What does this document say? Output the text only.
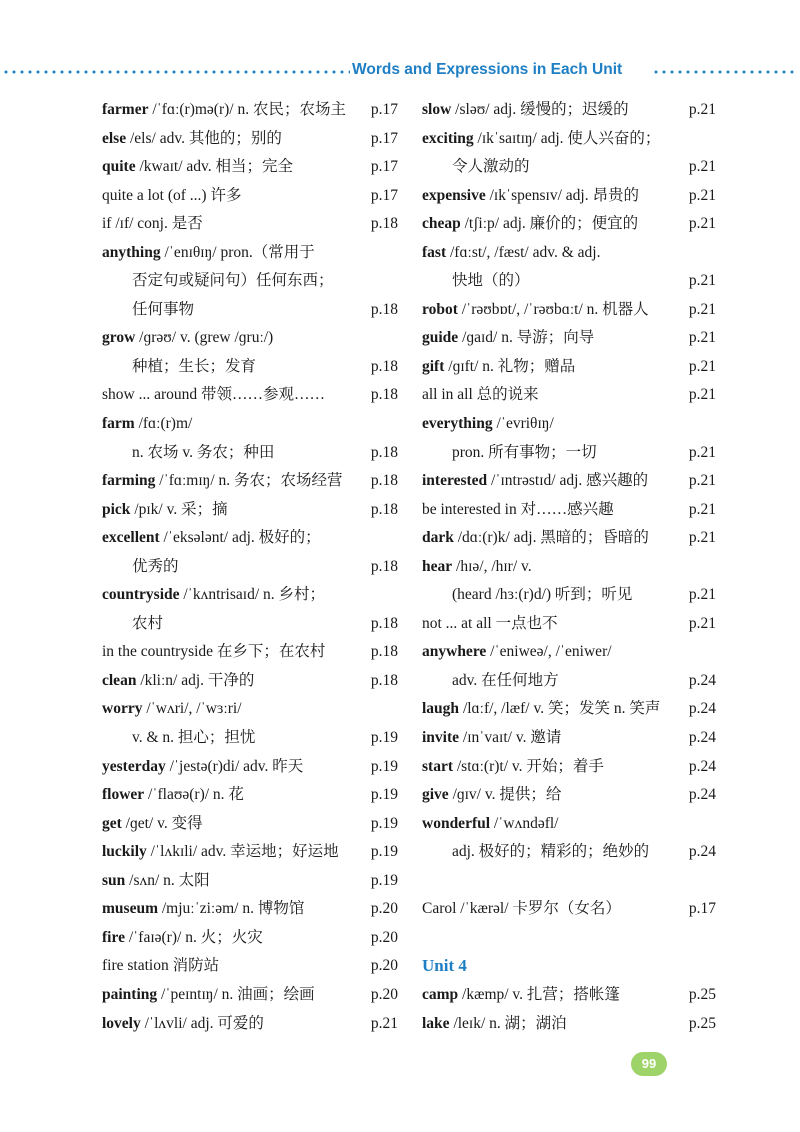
Words and Expressions in Each Unit
farmer /ˈfɑː(r)mə(r)/ n. 农民；农场主 p.17
else /els/ adv. 其他的；别的	p.17
quite /kwaɪt/ adv. 相当；完全	p.17
quite a lot (of ...) 许多	p.17
if /ɪf/ conj. 是否	p.18
anything /ˈenɪθɪŋ/ pron.（常用于
否定句或疑问句）任何东西；
任何事物	p.18
grow /ɡrəʊ/ v. (grew /ɡruː/)
种植；生长；发育	p.18
show ... around 带领……参观……	p.18
farm /fɑː(r)m/
n. 农场 v. 务农；种田	p.18
farming /ˈfɑːmɪŋ/ n. 务农；农场经营 p.18
pick /pɪk/ v. 采；摘	p.18
excellent /ˈeksələnt/ adj. 极好的；
优秀的	p.18
countryside /ˈkʌntrisaɪd/ n. 乡村；
农村	p.18
in the countryside 在乡下；在农村	p.18
clean /kliːn/ adj. 干净的	p.18
worry /ˈwʌri/, /ˈwɜːri/
v. & n. 担心；担忧	p.19
yesterday /ˈjestə(r)di/ adv. 昨天	p.19
flower /ˈflaʊə(r)/ n. 花	p.19
get /ɡet/ v. 变得	p.19
luckily /ˈlʌkɪli/ adv. 幸运地；好运地 p.19
sun /sʌn/ n. 太阳	p.19
museum /mjuːˈziːəm/ n. 博物馆	p.20
fire /ˈfaɪə(r)/ n. 火；火灾	p.20
fire station 消防站	p.20
painting /ˈpeɪntɪŋ/ n. 油画；绘画	p.20
lovely /ˈlʌvli/ adj. 可爱的	p.21
slow /sləʊ/ adj. 缓慢的；迟缓的	p.21
exciting /ɪkˈsaɪtɪŋ/ adj. 使人兴奋的；
令人激动的	p.21
expensive /ɪkˈspensɪv/ adj. 昂贵的	p.21
cheap /tʃiːp/ adj. 廉价的；便宜的	p.21
fast /fɑːst/, /fæst/ adv. & adj.
快地（的）	p.21
robot /ˈrəʊbɒt/, /ˈrəʊbɑːt/ n. 机器人	p.21
guide /ɡaɪd/ n. 导游；向导	p.21
gift /ɡɪft/ n. 礼物；赠品	p.21
all in all 总的说来	p.21
everything /ˈevriθɪŋ/
pron. 所有事物；一切	p.21
interested /ˈɪntrəstɪd/ adj. 感兴趣的	p.21
be interested in 对……感兴趣	p.21
dark /dɑː(r)k/ adj. 黑暗的；昏暗的	p.21
hear /hɪə/, /hɪr/ v.
(heard /hɜː(r)d/) 听到；听见	p.21
not ... at all 一点也不	p.21
anywhere /ˈeniweə/, /ˈeniwer/
adv. 在任何地方	p.24
laugh /lɑːf/, /læf/ v. 笑；发笑 n. 笑声 p.24
invite /ɪnˈvaɪt/ v. 邀请	p.24
start /stɑː(r)t/ v. 开始；着手	p.24
give /ɡɪv/ v. 提供；给	p.24
wonderful /ˈwʌndəfl/
adj. 极好的；精彩的；绝妙的	p.24
Carol /ˈkærəl/ 卡罗尔（女名）	p.17
Unit 4
camp /kæmp/ v. 扎营；搭帐篷	p.25
lake /leɪk/ n. 湖；湖泊	p.25
99
